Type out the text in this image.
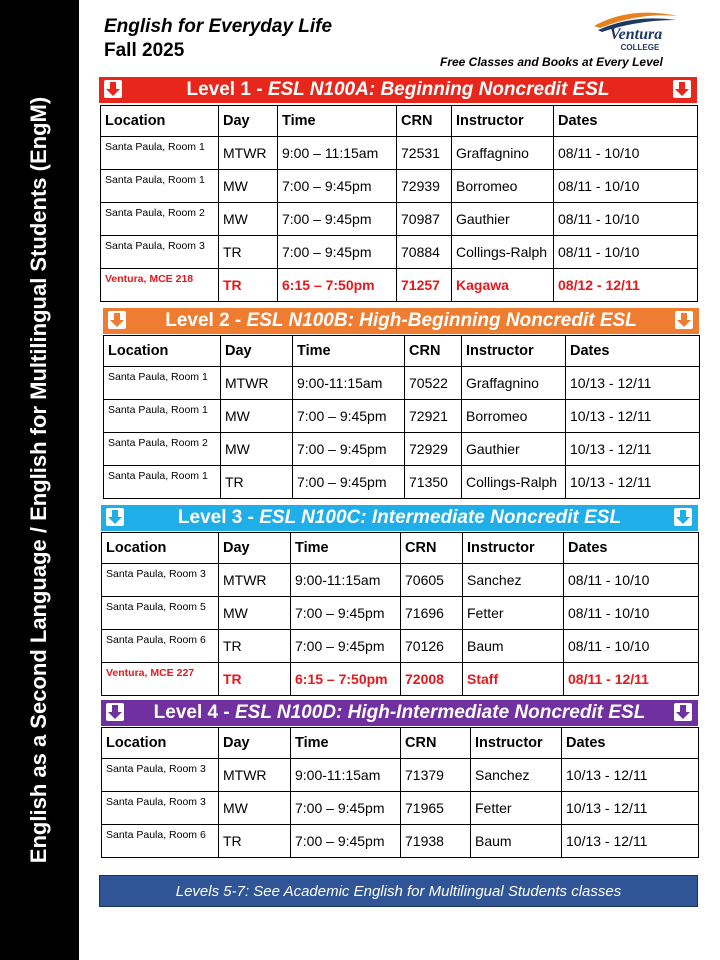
English as a Second Language / English for Multilingual Students (EngM)
English for Everyday Life
Fall 2025
Free Classes and Books at Every Level
Ventura
COLLEGE
Level 1 - ESL N100A: Beginning Noncredit ESL
Location	Day	Time	CRN	Instructor	Dates
Santa Paula, Room 1	MTWR	9:00 – 11:15am	72531	Graffagnino	08/11 - 10/10
Santa Paula, Room 1	MW	7:00 – 9:45pm	72939	Borromeo	08/11 - 10/10
Santa Paula, Room 2	MW	7:00 – 9:45pm	70987	Gauthier	08/11 - 10/10
Santa Paula, Room 3	TR	7:00 – 9:45pm	70884	Collings-Ralph	08/11 - 10/10
Ventura, MCE 218	TR	6:15 – 7:50pm	71257	Kagawa	08/12 - 12/11
Level 2 - ESL N100B: High-Beginning Noncredit ESL
Location	Day	Time	CRN	Instructor	Dates
Santa Paula, Room 1	MTWR	9:00-11:15am	70522	Graffagnino	10/13 - 12/11
Santa Paula, Room 1	MW	7:00 – 9:45pm	72921	Borromeo	10/13 - 12/11
Santa Paula, Room 2	MW	7:00 – 9:45pm	72929	Gauthier	10/13 - 12/11
Santa Paula, Room 1	TR	7:00 – 9:45pm	71350	Collings-Ralph	10/13 - 12/11
Level 3 - ESL N100C: Intermediate Noncredit ESL
Location	Day	Time	CRN	Instructor	Dates
Santa Paula, Room 3	MTWR	9:00-11:15am	70605	Sanchez	08/11 - 10/10
Santa Paula, Room 5	MW	7:00 – 9:45pm	71696	Fetter	08/11 - 10/10
Santa Paula, Room 6	TR	7:00 – 9:45pm	70126	Baum	08/11 - 10/10
Ventura, MCE 227	TR	6:15 – 7:50pm	72008	Staff	08/11 - 12/11
Level 4 - ESL N100D: High-Intermediate Noncredit ESL
Location	Day	Time	CRN	Instructor	Dates
Santa Paula, Room 3	MTWR	9:00-11:15am	71379	Sanchez	10/13 - 12/11
Santa Paula, Room 3	MW	7:00 – 9:45pm	71965	Fetter	10/13 - 12/11
Santa Paula, Room 6	TR	7:00 – 9:45pm	71938	Baum	10/13 - 12/11
Levels 5-7: See Academic English for Multilingual Students classes
